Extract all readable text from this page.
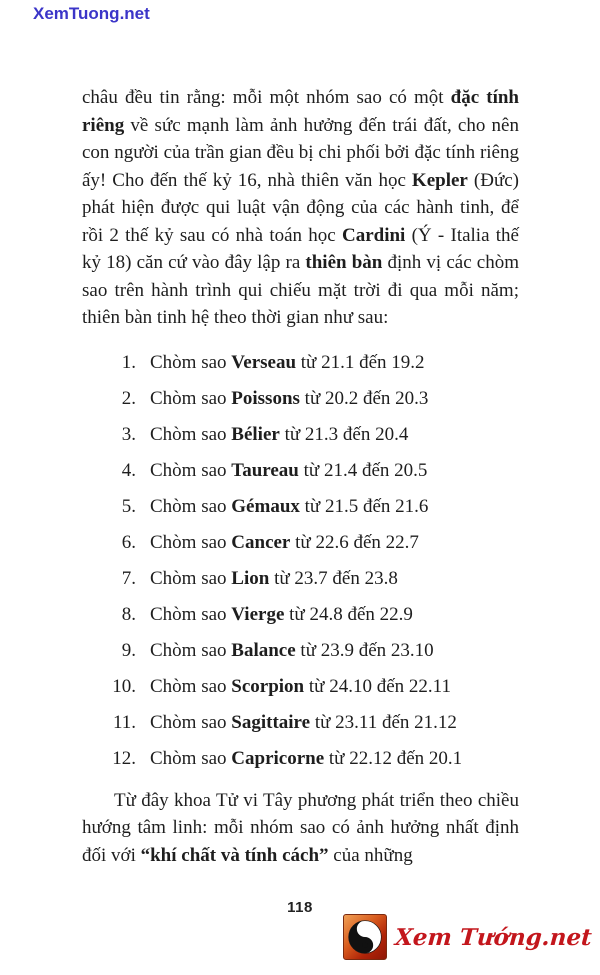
XemTuong.net

châu đều tin rằng: mỗi một nhóm sao có một đặc tính riêng về sức mạnh làm ảnh hưởng đến trái đất, cho nên con người của trần gian đều bị chi phối bởi đặc tính riêng ấy! Cho đến thế kỷ 16, nhà thiên văn học Kepler (Đức) phát hiện được qui luật vận động của các hành tinh, để rồi 2 thế kỷ sau có nhà toán học Cardini (Ý - Italia thế kỷ 18) căn cứ vào đây lập ra thiên bàn định vị các chòm sao trên hành trình qui chiếu mặt trời đi qua mỗi năm; thiên bàn tinh hệ theo thời gian như sau:

1. Chòm sao Verseau từ 21.1 đến 19.2
2. Chòm sao Poissons từ 20.2 đến 20.3
3. Chòm sao Bélier từ 21.3 đến 20.4
4. Chòm sao Taureau từ 21.4 đến 20.5
5. Chòm sao Gémaux từ 21.5 đến 21.6
6. Chòm sao Cancer từ 22.6 đến 22.7
7. Chòm sao Lion từ 23.7 đến 23.8
8. Chòm sao Vierge từ 24.8 đến 22.9
9. Chòm sao Balance từ 23.9 đến 23.10
10. Chòm sao Scorpion từ 24.10 đến 22.11
11. Chòm sao Sagittaire từ 23.11 đến 21.12
12. Chòm sao Capricorne từ 22.12 đến 20.1

Từ đây khoa Tử vi Tây phương phát triển theo chiều hướng tâm linh: mỗi nhóm sao có ảnh hưởng nhất định đối với “khí chất và tính cách” của những

118
Xem Tướng.net
